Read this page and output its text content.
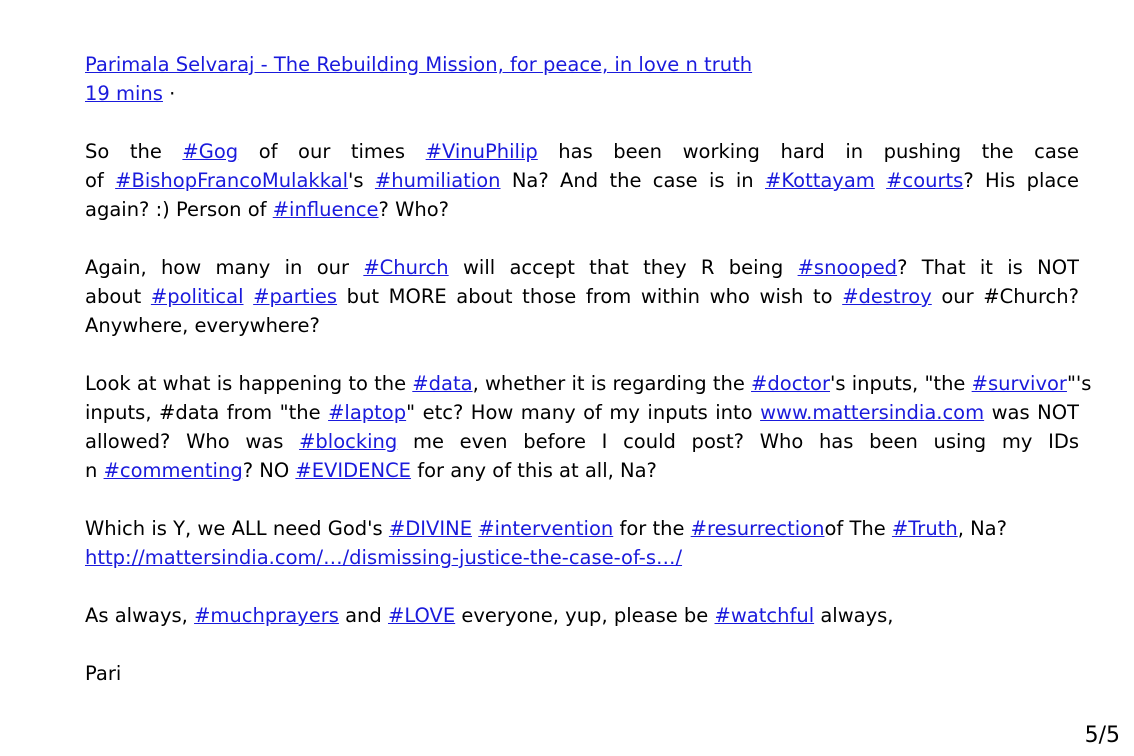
Parimala Selvaraj - The Rebuilding Mission, for peace, in love n truth
19 mins ·
So the #Gog of our times #VinuPhilip has been working hard in pushing the case
of #BishopFrancoMulakkal's #humiliation Na? And the case is in #Kottayam #courts? His place
again? :) Person of #influence? Who?
Again, how many in our #Church will accept that they R being #snooped? That it is NOT
about #political #parties but MORE about those from within who wish to #destroy our #Church?
Anywhere, everywhere?
Look at what is happening to the #data, whether it is regarding the #doctor's inputs, "the #survivor"'s
inputs, #data from "the #laptop" etc? How many of my inputs into www.mattersindia.com was NOT
allowed? Who was #blocking me even before I could post? Who has been using my IDs
n #commenting? NO #EVIDENCE for any of this at all, Na?
Which is Y, we ALL need God's #DIVINE #intervention for the #resurrectionof The #Truth, Na?
http://mattersindia.com/…/dismissing-justice-the-case-of-s…/
As always, #muchprayers and #LOVE everyone, yup, please be #watchful always,
Pari
5/5
